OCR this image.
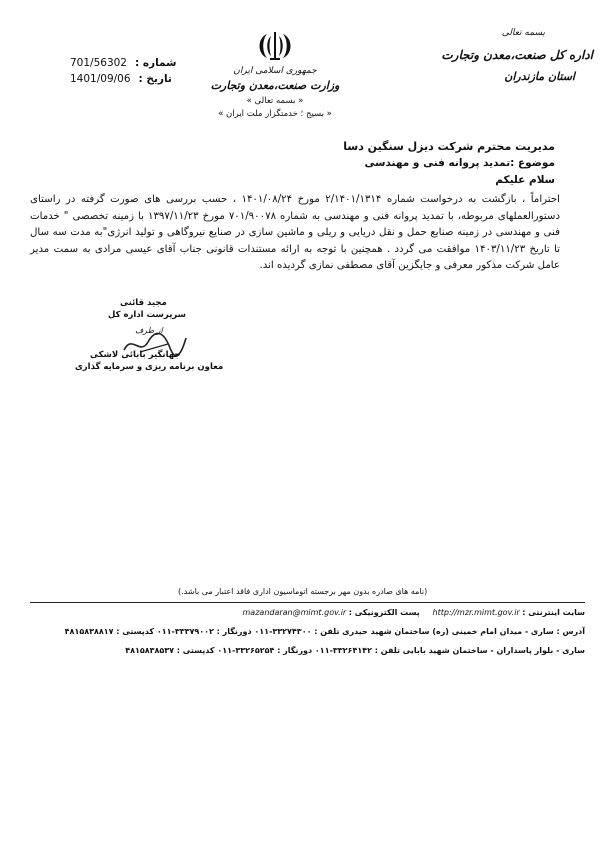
701/56302 شماره :
1401/09/06 تاریخ :
جمهوری اسلامی ایران
وزارت صنعت،معدن وتجارت
« بسمه تعالی »
« بسیج ؛ خدمتگزار ملت ایران »
بسمه تعالی
اداره کل صنعت،معدن وتجارت
استان مازندران
مدیریت محترم شرکت دیزل سنگین دسا
موضوع :تمدید پروانه فنی و مهندسی
سلام علیکم
احتراماً ، بازگشت به درخواست شماره ۲/۱۴۰۱/۱۳۱۴ مورخ ۱۴۰۱/۰۸/۲۴ ، حسب بررسی های صورت گرفته در راستای دستورالعملهای مربوطه، با تمدید پروانه فنی و مهندسی به شماره ۷۰۱/۹۰۰۷۸ مورخ ۱۳۹۷/۱۱/۲۳ با زمینه تخصصی " خدمات فنی و مهندسی در زمینه صنایع حمل و نقل دریایی و ریلی و ماشین سازی در صنایع نیروگاهی و تولید انرژی"به مدت سه سال تا تاریخ ۱۴۰۳/۱۱/۲۳ موافقت می گردد . همچنین با توجه به ارائه مستندات قانونی جناب آقای عیسی مرادی به سمت مدیر عامل شرکت مذکور معرفی و جایگزین آقای مصطفی نمازی گردیده اند.
مجید قائنی
سرپرست اداره کل
از طرف
جهانگیر بابائی لاشکی
معاون برنامه ریزی و سرمایه گذاری
(نامه های صادره بدون مهر برجسته اتوماسیون اداری فاقد اعتبار می باشد.)
سایت اینترنتی : http://mzr.mimt.gov.ir     پست الکترونیکی : mazandaran@mimt.gov.ir
آدرس : ساری - میدان امام خمینی (ره) ساختمان شهید حیدری تلفن : ۳۳۲۷۴۳۰۰-۰۱۱ دورنگار : ۳۳۳۷۹۰۰۲-۰۱۱ کدپستی : ۴۸۱۵۸۳۸۸۱۷
ساری - بلوار پاسداران - ساختمان شهید بابایی تلفن : ۳۳۲۶۴۱۴۲-۰۱۱ دورنگار : ۳۳۲۶۵۲۵۴-۰۱۱ کدپستی : ۴۸۱۵۸۳۸۵۳۷
